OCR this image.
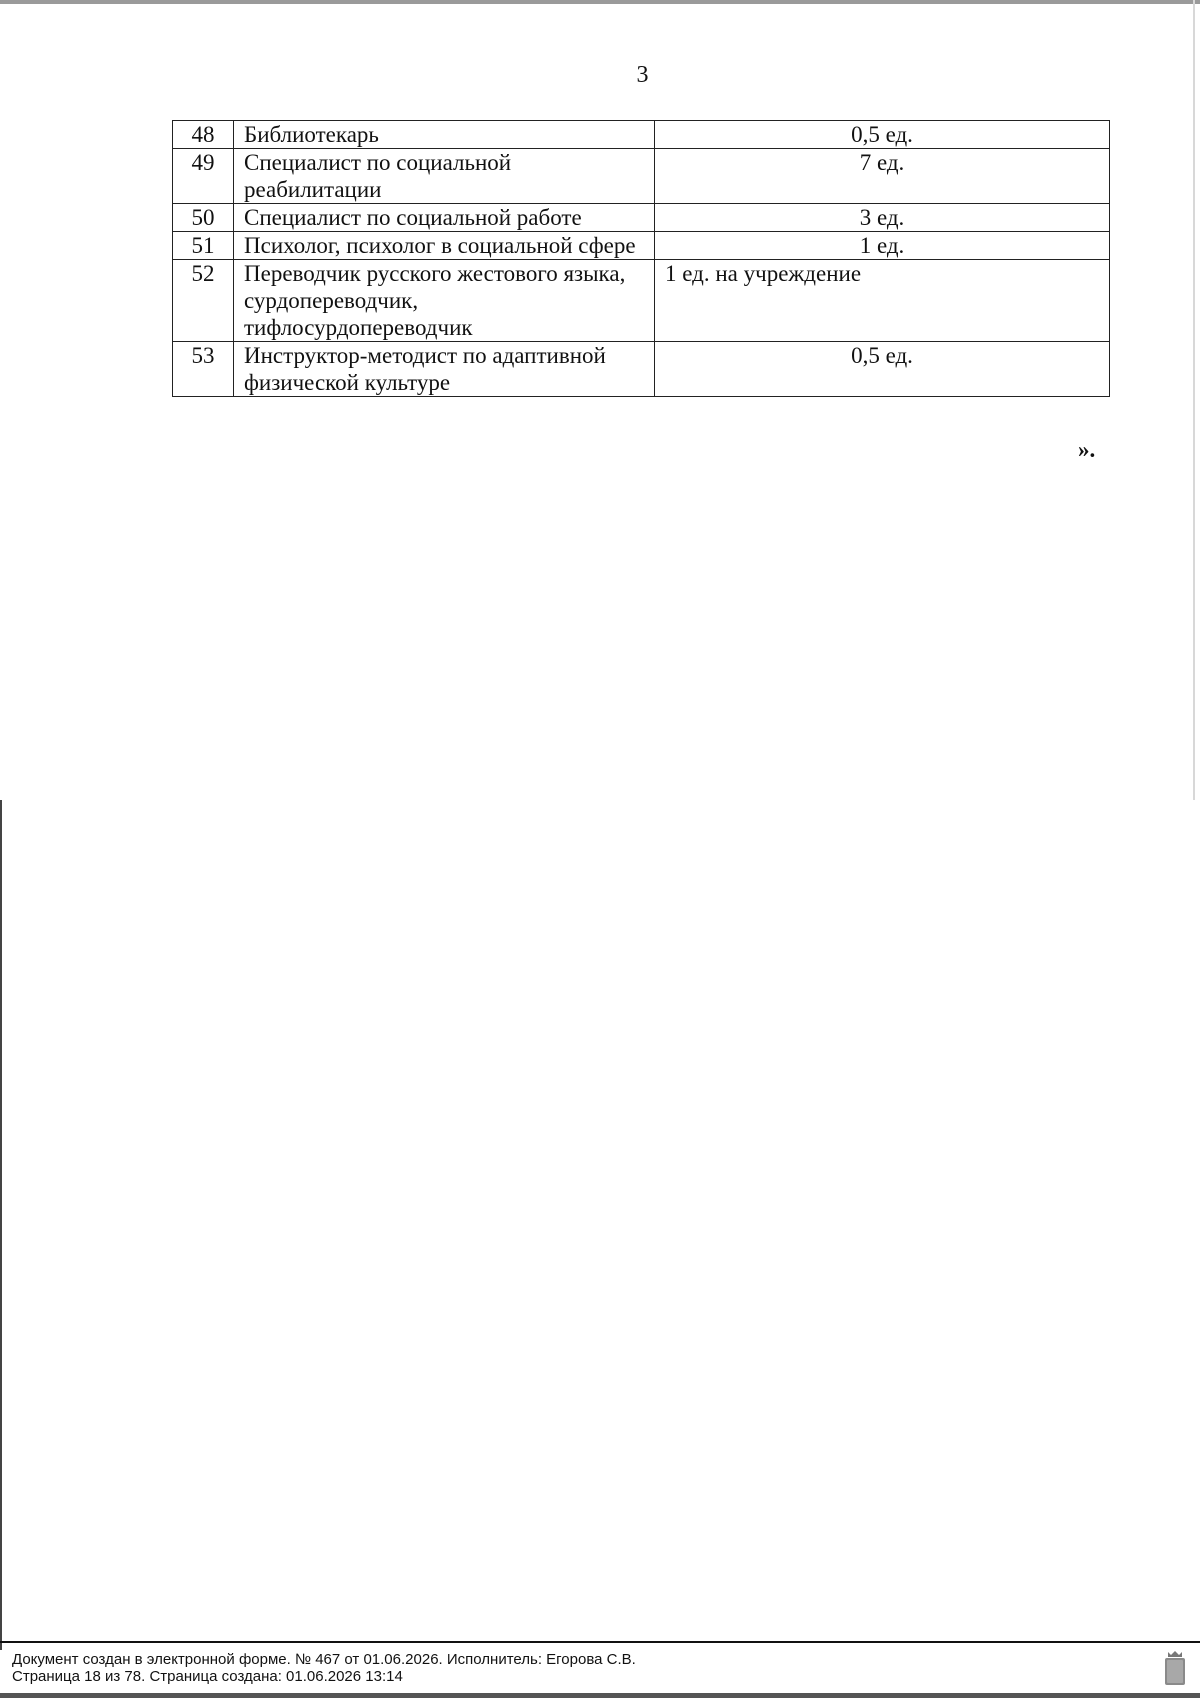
3
48	Библиотекарь	0,5 ед.
49	Специалист по социальной реабилитации	7 ед.
50	Специалист по социальной работе	3 ед.
51	Психолог, психолог в социальной сфере	1 ед.
52	Переводчик русского жестового языка, сурдопереводчик, тифлосурдопереводчик	1 ед. на учреждение
53	Инструктор-методист по адаптивной физической культуре	0,5 ед.
».
Документ создан в электронной форме. № 467 от 01.06.2026. Исполнитель: Егорова С.В.
Страница 18 из 78. Страница создана: 01.06.2026 13:14
